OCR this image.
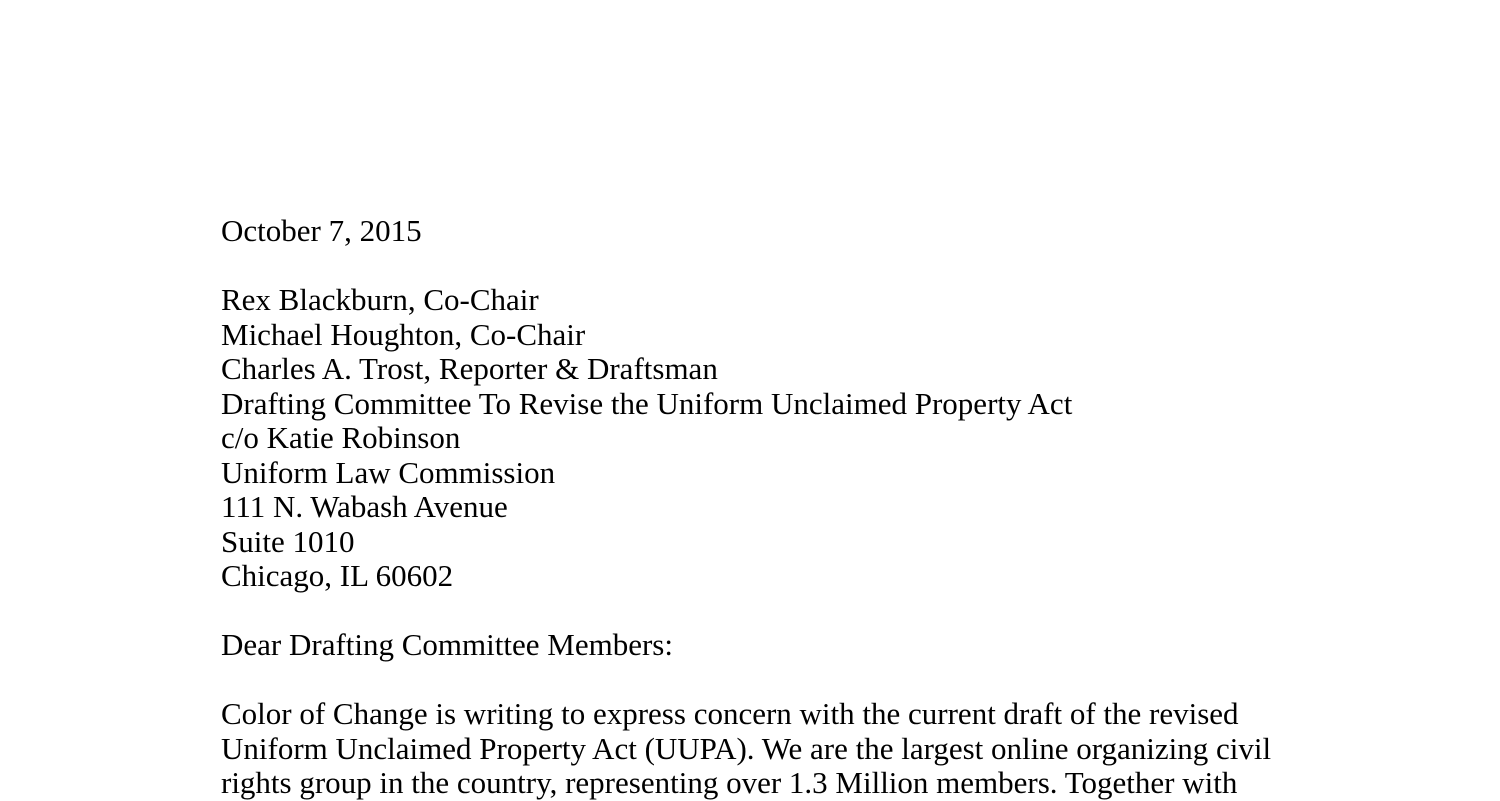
October 7, 2015
Rex Blackburn, Co-Chair
Michael Houghton, Co-Chair
Charles A. Trost, Reporter & Draftsman
Drafting Committee To Revise the Uniform Unclaimed Property Act
c/o Katie Robinson
Uniform Law Commission
111 N. Wabash Avenue
Suite 1010
Chicago, IL 60602
Dear Drafting Committee Members:
Color of Change is writing to express concern with the current draft of the revised
Uniform Unclaimed Property Act (UUPA). We are the largest online organizing civil
rights group in the country, representing over 1.3 Million members. Together with
